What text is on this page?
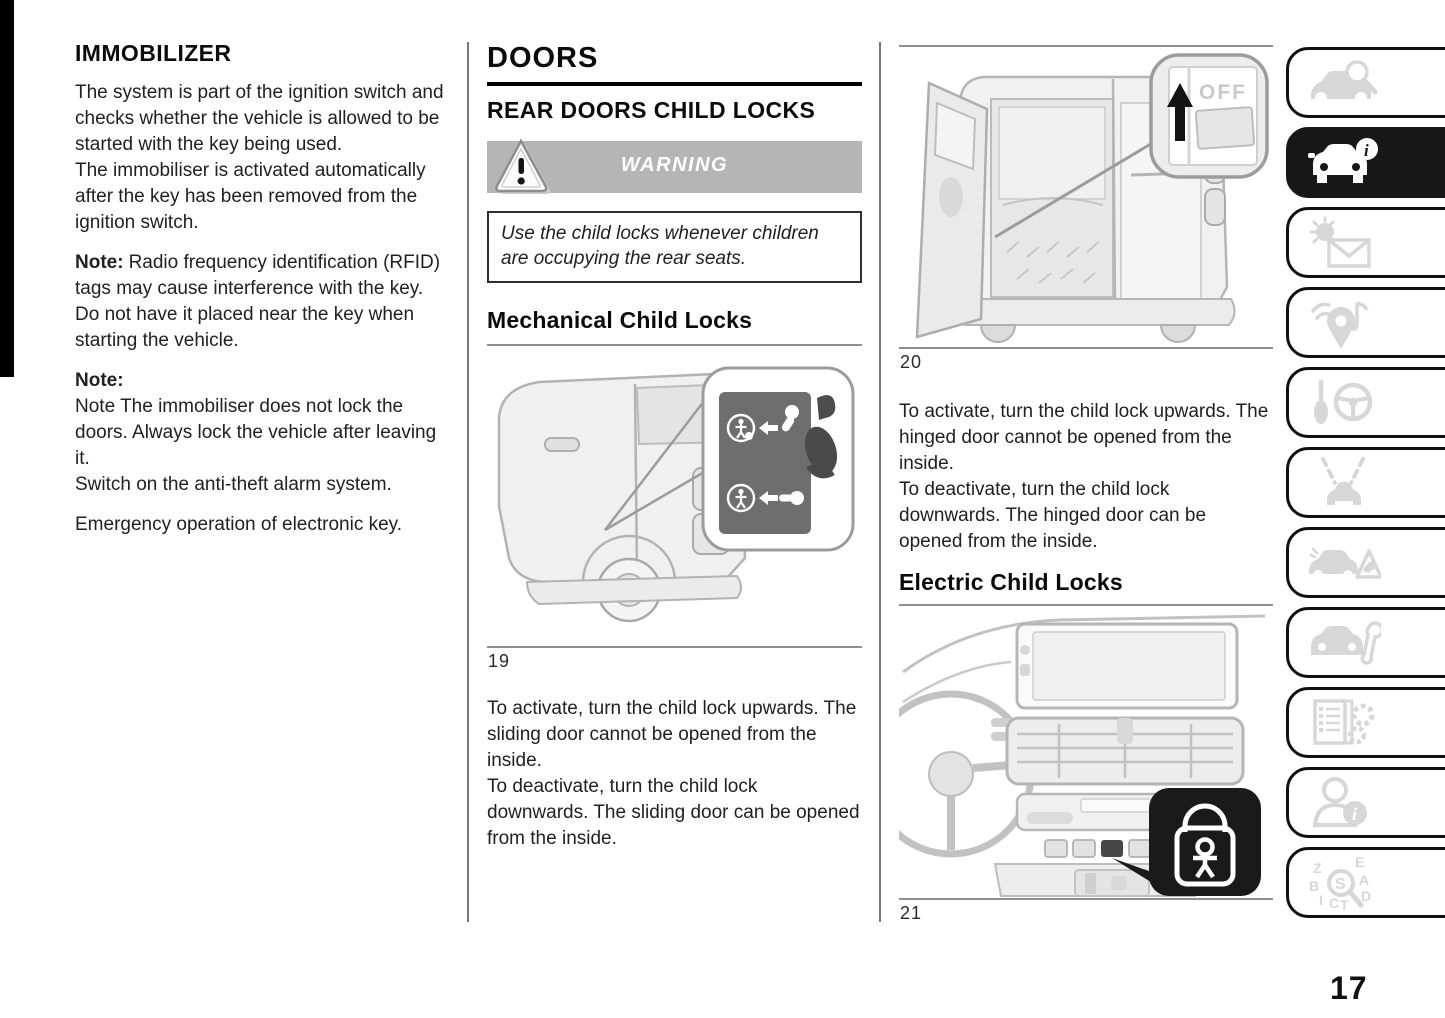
IMMOBILIZER
The system is part of the ignition switch and checks whether the vehicle is allowed to be started with the key being used.
The immobiliser is activated automatically after the key has been removed from the ignition switch.
Note: Radio frequency identification (RFID) tags may cause interference with the key. Do not have it placed near the key when starting the vehicle.
Note:
Note The immobiliser does not lock the doors. Always lock the vehicle after leaving it.
Switch on the anti-theft alarm system.
Emergency operation of electronic key.
DOORS
REAR DOORS CHILD LOCKS
WARNING
Use the child locks whenever children are occupying the rear seats.
Mechanical Child Locks
19
To activate, turn the child lock upwards. The sliding door cannot be opened from the inside.
To deactivate, turn the child lock downwards. The sliding door can be opened from the inside.
OFF
20
To activate, turn the child lock upwards. The hinged door cannot be opened from the inside.
To deactivate, turn the child lock downwards. The hinged door can be opened from the inside.
Electric Child Locks
21
i
i
Z E
B	A
D
I C T
S
17
